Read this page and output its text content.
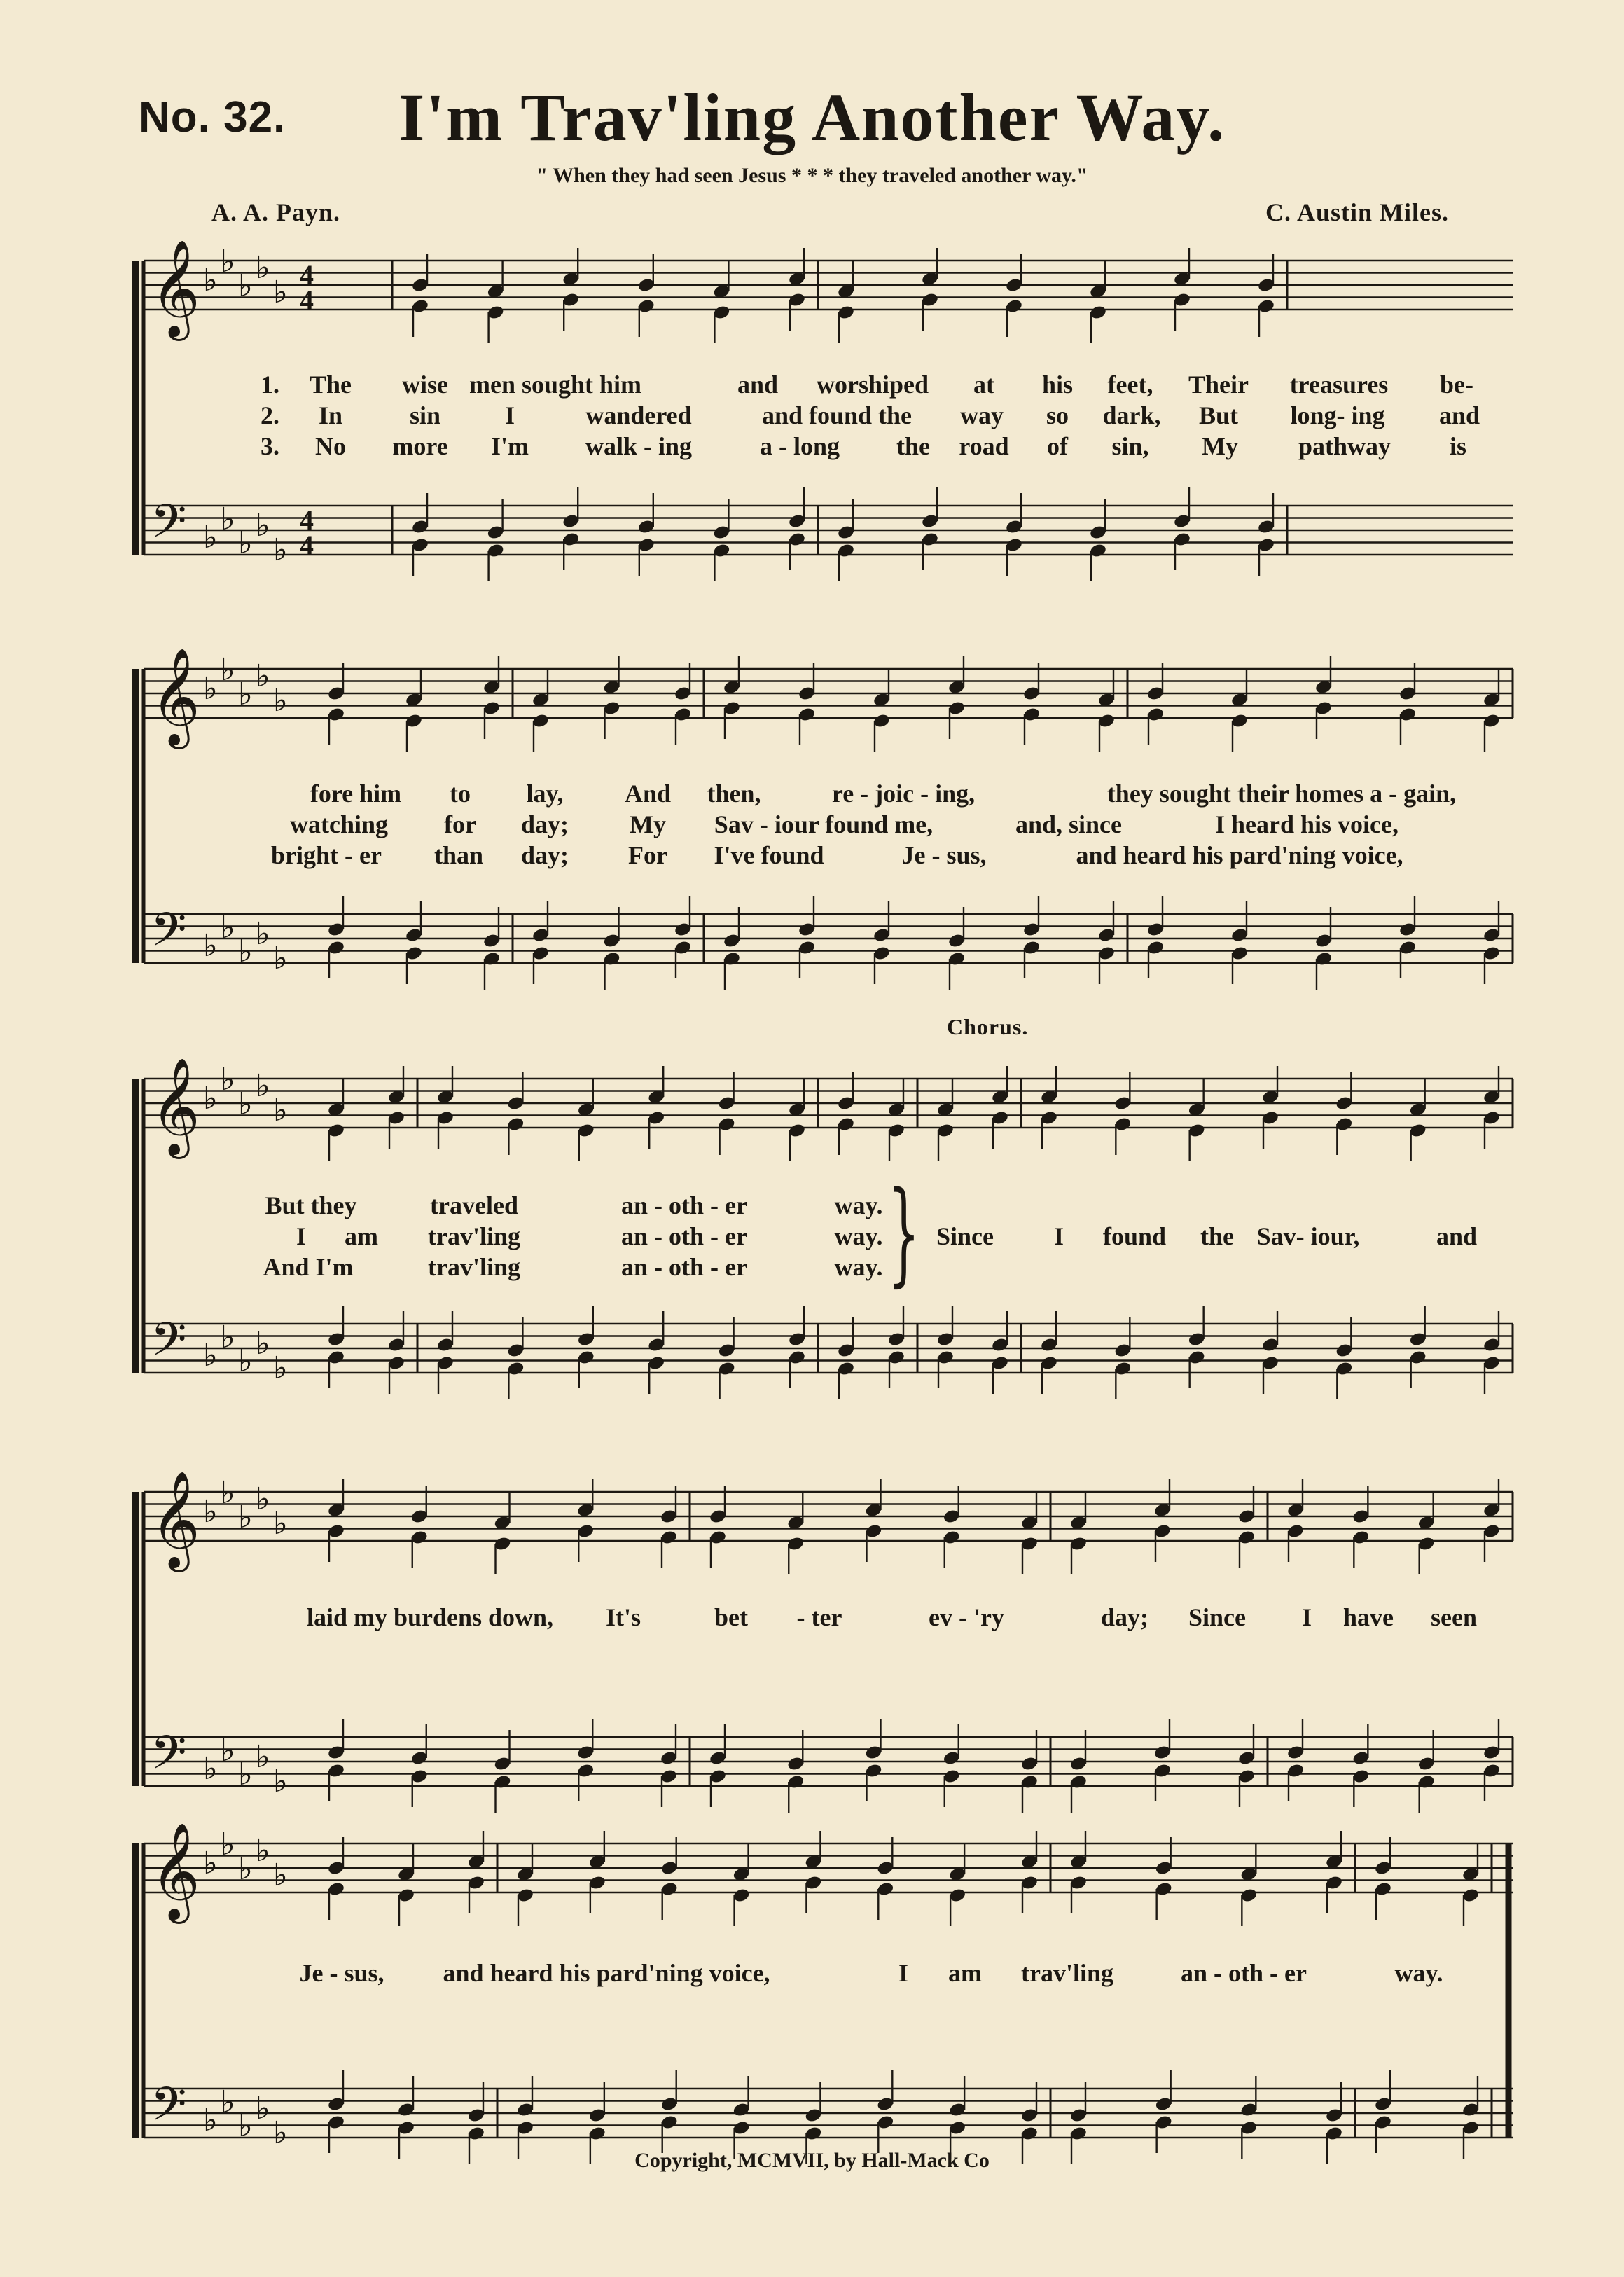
No. 32.	I'm Trav'ling Another Way.
" When they had seen Jesus * * * they traveled another way."
A. A. Payn.	C. Austin Miles.
𝄞
𝄢
♭
♭
♭
♭
♭
♭
♭
♭
♭
♭
4
4
4
4
𝄞
𝄢
♭
♭
♭
♭
♭
♭
♭
♭
♭
♭
𝄞
𝄢
♭
♭
♭
♭
♭
♭
♭
♭
♭
♭
𝄞
𝄢
♭
♭
♭
♭
♭
♭
♭
♭
♭
♭
𝄞
𝄢
♭
♭
♭
♭
♭
♭
♭
♭
♭
♭
1.
2.
3.
The wise men sought him	and worshiped at his feet, Their treasures be-
In	sin	I	wandered	and found the way so dark, But long- ing and
No more I'm walk - ing	a - long the road of sin, My pathway is
fore him to lay, And then,	re - joic - ing,	they sought their homes a - gain,
watching for day; My Sav - iour found me,	and, since	I heard his voice,
bright - er than day; For I've found	Je - sus,	and heard his pard'ning voice,
Chorus.
But they	traveled	an - oth - er	way.
I am trav'ling	an - oth - er	way.
And I'm	trav'ling	an - oth - er	way. } Since I found the Sav- iour,	and
laid my burdens down, It's	bet - ter	ev - 'ry	day; Since I have seen
Je - sus, and heard his pard'ning voice,	I am trav'ling	an - oth - er	way.
Copyright, MCMVII, by Hall-Mack Co
